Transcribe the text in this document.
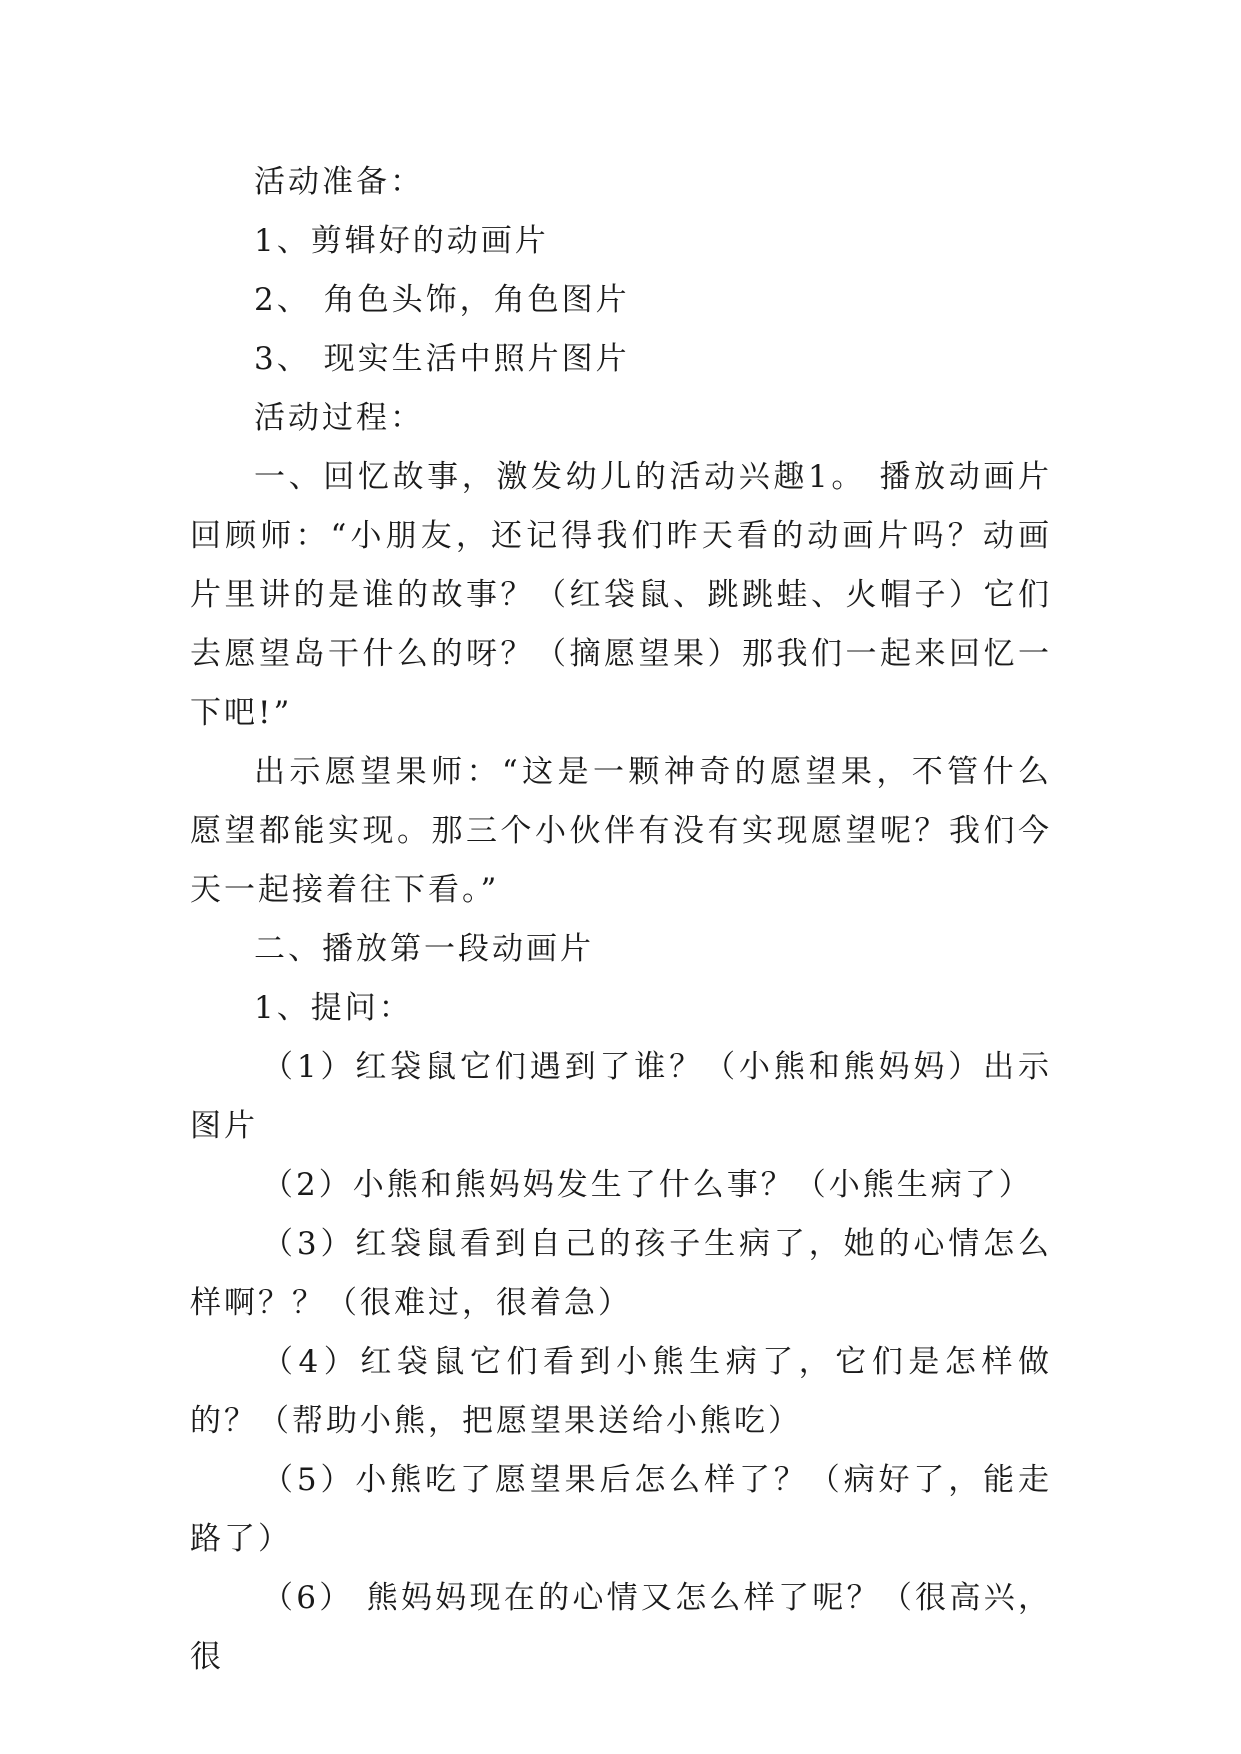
活动准备：

1、剪辑好的动画片

2、 角色头饰，角色图片

3、 现实生活中照片图片

活动过程：

一、回忆故事，激发幼儿的活动兴趣1。 播放动画片回顾师：“小朋友，还记得我们昨天看的动画片吗？动画片里讲的是谁的故事？（红袋鼠、跳跳蛙、火帽子）它们去愿望岛干什么的呀？（摘愿望果）那我们一起来回忆一下吧!”

出示愿望果师：“这是一颗神奇的愿望果，不管什么愿望都能实现。那三个小伙伴有没有实现愿望呢？我们今天一起接着往下看。”

二、播放第一段动画片

1、提问：

（1）红袋鼠它们遇到了谁？（小熊和熊妈妈）出示图片

（2）小熊和熊妈妈发生了什么事？（小熊生病了）

（3）红袋鼠看到自己的孩子生病了，她的心情怎么样啊？？（很难过，很着急）

（4）红袋鼠它们看到小熊生病了，它们是怎样做的？（帮助小熊，把愿望果送给小熊吃）

（5）小熊吃了愿望果后怎么样了？（病好了，能走路了）

（6） 熊妈妈现在的心情又怎么样了呢？（很高兴，很
